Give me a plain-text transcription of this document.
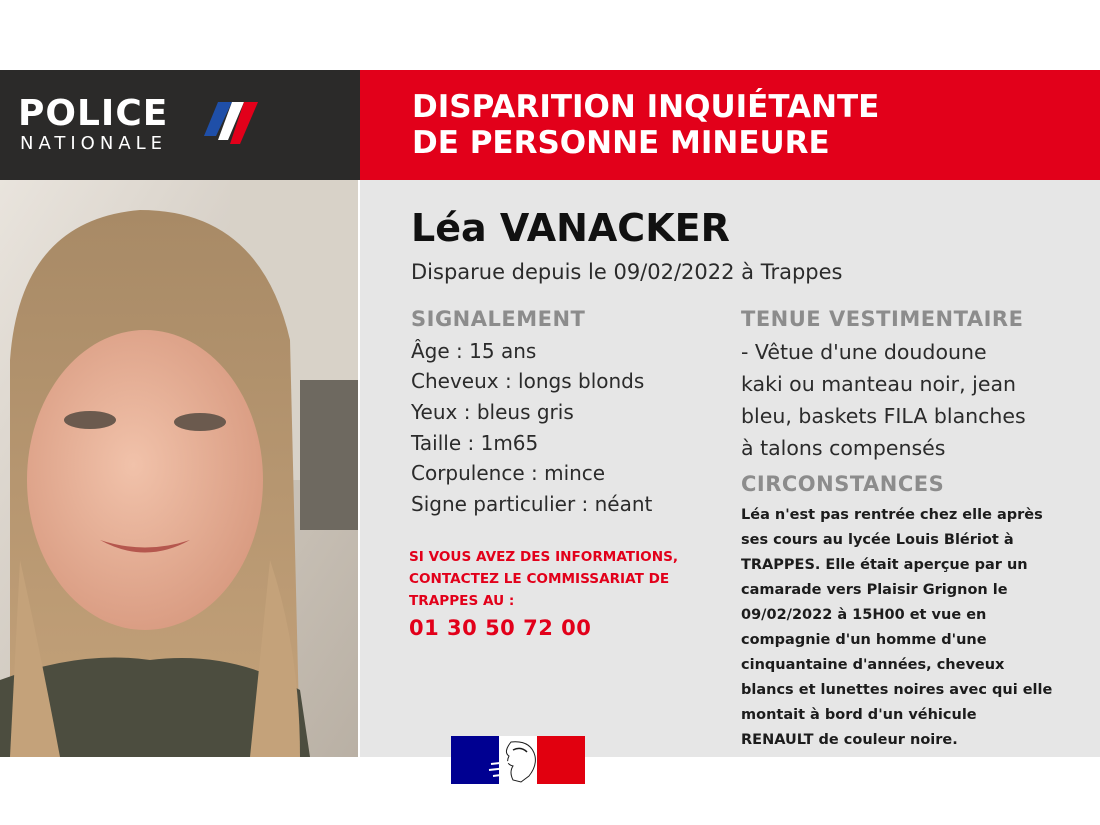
POLICE
NATIONALE
DISPARITION INQUIÉTANTE
DE PERSONNE MINEURE
Léa VANACKER
Disparue depuis le 09/02/2022 à Trappes
SIGNALEMENT
Âge : 15 ans
Cheveux : longs blonds
Yeux : bleus gris
Taille : 1m65
Corpulence : mince
Signe particulier : néant
SI VOUS AVEZ DES INFORMATIONS,
CONTACTEZ LE COMMISSARIAT DE
TRAPPES AU :
01 30 50 72 00
TENUE VESTIMENTAIRE
- Vêtue d'une doudoune
kaki ou manteau noir, jean
bleu, baskets FILA blanches
à talons compensés
CIRCONSTANCES
Léa n'est pas rentrée chez elle après
ses cours au lycée Louis Blériot à
TRAPPES. Elle était aperçue par un
camarade vers Plaisir Grignon le
09/02/2022 à 15H00 et vue en
compagnie d'un homme d'une
cinquantaine d'années, cheveux
blancs et lunettes noires avec qui elle
montait à bord d'un véhicule
RENAULT de couleur noire.
